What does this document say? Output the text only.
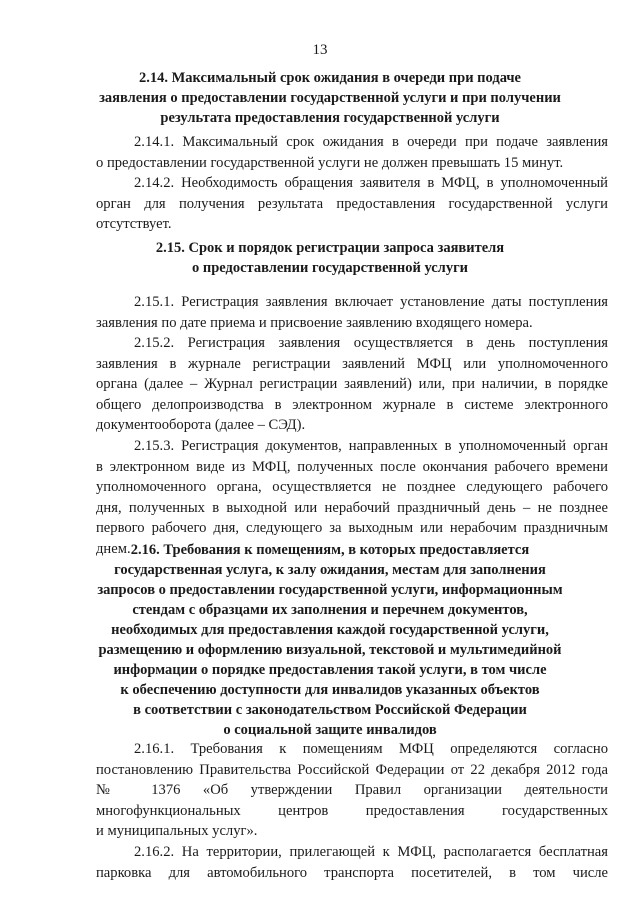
13
2.14. Максимальный срок ожидания в очереди при подаче
заявления о предоставлении государственной услуги и при получении
результата предоставления государственной услуги
2.14.1. Максимальный срок ожидания в очереди при подаче заявления
о предоставлении государственной услуги не должен превышать 15 минут.
2.14.2. Необходимость обращения заявителя в МФЦ, в уполномоченный
орган для получения результата предоставления государственной услуги
отсутствует.
2.15. Срок и порядок регистрации запроса заявителя
о предоставлении государственной услуги
2.15.1. Регистрация заявления включает установление даты поступления
заявления по дате приема и присвоение заявлению входящего номера.
2.15.2. Регистрация заявления осуществляется в день поступления
заявления в журнале регистрации заявлений МФЦ или уполномоченного
органа (далее – Журнал регистрации заявлений) или, при наличии, в порядке
общего делопроизводства в электронном журнале в системе электронного
документооборота (далее – СЭД).
2.15.3. Регистрация документов, направленных в уполномоченный орган
в электронном виде из МФЦ, полученных после окончания рабочего времени
уполномоченного органа, осуществляется не позднее следующего рабочего
дня, полученных в выходной или нерабочий праздничный день – не позднее
первого рабочего дня, следующего за выходным или нерабочим праздничным
днем. 2.16. Требования к помещениям, в которых предоставляется
государственная услуга, к залу ожидания, местам для заполнения
запросов о предоставлении государственной услуги, информационным
стендам с образцами их заполнения и перечнем документов,
необходимых для предоставления каждой государственной услуги,
размещению и оформлению визуальной, текстовой и мультимедийной
информации о порядке предоставления такой услуги, в том числе
к обеспечению доступности для инвалидов указанных объектов
в соответствии с законодательством Российской Федерации
о социальной защите инвалидов
2.16.1. Требования к помещениям МФЦ определяются согласно
постановлению Правительства Российской Федерации от 22 декабря 2012 года
№ 1376 «Об утверждении Правил организации деятельности
многофункциональных центров предоставления государственных
и муниципальных услуг».
2.16.2. На территории, прилегающей к МФЦ, располагается бесплатная
парковка для автомобильного транспорта посетителей, в том числе
